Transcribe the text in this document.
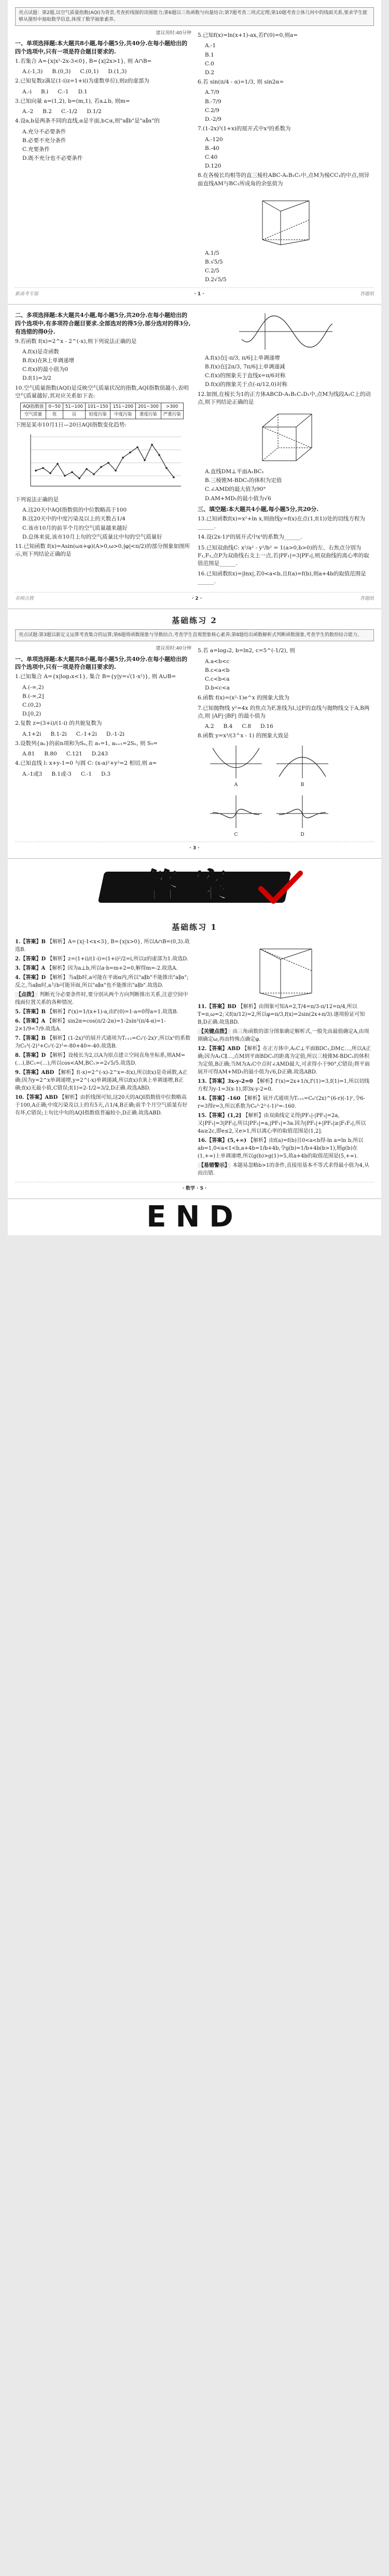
亮点试题：第2题,以空气质量指数(AQI)为背景,考查折线图的读图能力;第6题以三角函数与向量结合;第7题考查二项式定理;第10题考查立体几何中的线面关系,要求学生能够从图形中抽取数学信息,体现了数学抽象素养。
建议用时:40分钟
一、单项选择题:本大题共8小题,每小题5分,共40分.在每小题给出的四个选项中,只有一项是符合题目要求的.
1.若集合 A={x|x²-2x-3<0}, B={x|2x>1}, 则 A∩B=
A.(-1,3) B.(0,3) C.(0,1) D.(1,3)
2.已知复数z满足(1-i)z=1+i(i为虚数单位),则z的虚部为
A.-i B.i C.-1 D.1
3.已知向量 a=(1,2), b=(m,1), 若a⊥b, 则m=
A.-2 B.2 C.-1/2 D.1/2
4.设a,b是两条不同的直线,α是平面,b⊂α,则"a∥b"是"a∥α"的
A.充分不必要条件
B.必要不充分条件
C.充要条件
D.既不充分也不必要条件
5.已知f(x)=ln(x+1)-ax,若f'(0)=0,则a=
A.-1
B.1
C.0
D.2
6.若 sin(π/4 - α)=1/3, 则 sin2α=
A.7/9
B.-7/9
C.2/9
D.-2/9
7.(1-2x)⁵(1+x)的展开式中x³的系数为
A.-120
B.-40
C.40
D.120
8.在各棱长均相等的直三棱柱ABC-A₁B₁C₁中,点M为棱CC₁的中点,则异面直线AM与BC₁所成角的余弦值为
A.1/5
B.√5/5
C.2/5
D.2√5/5
新高考专版	· 1 ·	答题纸
二、多项选择题:本大题共4小题,每小题5分,共20分.在每小题给出的四个选项中,有多项符合题目要求.全部选对的得5分,部分选对的得3分,有选错的得0分.
9.若函数 f(x)=2^x - 2^(-x),则下列说法正确的是
A.f(x)是奇函数
B.f(x)在R上单调递增
C.f(x)的最小值为0
D.f(1)=3/2
10.空气质量指数(AQI)是反映空气质量状况的指数,AQI指数值越小,表明空气质量越好,其对应关系如下表:
AQI指数值	0~50	51~100	101~150	151~200	201~300	>300
空气质量	优	良	轻度污染	中度污染	重度污染	严重污染
下图是某市10月1日—20日AQI指数变化趋势:
下列说法正确的是
A.这20天中AQI指数值的中位数略高于100
B.这20天中的中度污染及以上的天数占1/4
C.该市10月的前半个月的空气质量越来越好
D.总体来说,该市10月上旬的空气质量比中旬的空气质量好
11.已知函数 f(x)=Asin(ωx+φ)(A>0,ω>0,|φ|<π/2)的部分图象如图所示,则下列结论正确的是
A.f(x)在[-π/3, π/6]上单调递增
B.f(x)在[2π/3, 7π/6]上单调递减
C.f(x)的图象关于直线x=π/6对称
D.f(x)的图象关于点(-π/12,0)对称
12.如图,在棱长为1的正方体ABCD-A₁B₁C₁D₁中,点M为线段A₁C上的动点,则下列结论正确的是
A.直线DM⊥平面A₁BC₁
B.三棱锥M-BDC₁的体积为定值
C.∠AMD的最大值为90°
D.AM+MD₁的最小值为√6
三、填空题:本大题共4小题,每小题5分,共20分.
13.已知函数f(x)=x²+ln x,则曲线y=f(x)在点(1,f(1))处的切线方程为______.
14.设(2x-1)⁶的展开式中x³的系数为______.
15.已知双曲线C: x²/a² - y²/b² = 1(a>0,b>0)的左、右焦点分别为F₁,F₂,点P为双曲线右支上一点,若|PF₁|=3|PF₂|,则双曲线的离心率的取值范围是______.
16.已知函数f(x)=|lnx|,若0<a<b,且f(a)=f(b),则a+4b的取值范围是______.
名师点拨	· 2 ·	答题纸
基础练习 2
亮点试题:第3题以新定义运算考查集合的运算;第6题将函数图象与导数结合,考查学生直观想象核心素养;第8题给出函数解析式判断函数图象,考查学生的数形结合能力。
建议用时:40分钟
一、单项选择题:本大题共8小题,每小题5分,共40分.在每小题给出的四个选项中,只有一项是符合题目要求的.
1.已知集合 A={x|log₂x<1}, 集合 B={y|y=√(1-x²)}, 则 A∪B=
A.(-∞,2)
B.(-∞,2]
C.(0,2)
D.[0,2)
2.复数 z=(3+i)/(1-i) 的共轭复数为
A.1+2i B.1-2i C.-1+2i D.-1-2i
3.设数列{aₙ}的前n项和为Sₙ,若 a₁=1, aₙ₊₁=2Sₙ, 则 S₅=
A.81 B.80 C.121 D.243
4.已知直线 l: x+y-1=0 与圆 C: (x-a)²+y²=2 相切,则 a=
A.-1或3 B.1或-3 C.-1 D.3
5.若 a=log₃2, b=ln2, c=5^(-1/2), 则
A.a<b<c
B.c<a<b
C.c<b<a
D.b<c<a
6.函数 f(x)=(x²-1)e^x 的图象大致为
7.已知抛物线 y²=4x 的焦点为F,准线为l,过F的直线与抛物线交于A,B两点,则 |AF|·|BF| 的最小值为
A.2 B.4 C.8 D.16
8.函数 y=x³/(3^x - 1) 的图象大致是
A	B
C	D
· 3 ·
答案
基础练习 1
1.【答案】B 【解析】A={x|-1<x<3}, B={x|x>0}, 所以A∩B=(0,3).故选B.
2.【答案】D 【解析】z=(1+i)/(1-i)=(1+i)²/2=i,所以z的虚部为1.故选D.
3.【答案】A 【解析】因为a⊥b,所以a·b=m+2=0,解得m=-2.故选A.
4.【答案】D 【解析】当a∥b时,a可能在平面α内,所以"a∥b"不能推出"a∥α";反之,当a∥α时,a与b可能异面,所以"a∥α"也不能推出"a∥b".故选D.
【点拨】 判断充分必要条件时,要分别从两个方向判断推出关系,注意空间中线面位置关系的各种情况.
5.【答案】B 【解析】f'(x)=1/(x+1)-a,由f'(0)=1-a=0得a=1.故选B.
6.【答案】A 【解析】sin2α=cos(π/2-2α)=1-2sin²(π/4-α)=1-2×1/9=7/9.故选A.
7.【答案】B 【解析】(1-2x)⁵的展开式通项为Tᵣ₊₁=C₅ʳ(-2x)ʳ,所以x³的系数为C₅³(-2)³+C₅²(-2)²=-80+40=-40.故选B.
8.【答案】D 【解析】设棱长为2,以A为原点建立空间直角坐标系,则AM=(…),BC₁=(…),所以cos<AM,BC₁>=2√5/5.故选D.
9.【答案】ABD 【解析】f(-x)=2^(-x)-2^x=-f(x),所以f(x)是奇函数,A正确;因为y=2^x单调递增,y=2^(-x)单调递减,所以f(x)在R上单调递增,B正确;f(x)无最小值,C错误;f(1)=2-1/2=3/2,D正确.故选ABD.
10.【答案】ABD 【解析】由折线图可知,这20天的AQI指数值中位数略高于100,A正确;中度污染及以上的有5天,占1/4,B正确;前半个月空气质量有好有坏,C错误;上旬比中旬的AQI指数值普遍较小,D正确.故选ABD.
11.【答案】BD 【解析】由图象可知A=2,T/4=π/3-π/12=π/4,所以T=π,ω=2;又f(π/12)=2,所以φ=π/3,f(x)=2sin(2x+π/3).逐项验证可知B,D正确.故选BD.
【关键点拨】 由三角函数的部分图象确定解析式,一般先由最值确定A,由周期确定ω,再由特殊点确定φ.
12.【答案】ABD 【解析】在正方体中,A₁C⊥平面BDC₁,DM⊂…,所以A正确;因为A₁C∥…,点M到平面BDC₁的距离为定值,所以三棱锥M-BDC₁的体积为定值,B正确;当M为A₁C中点时∠AMD最大,可求得小于90°,C错误;将平面展开可得AM+MD₁的最小值为√6,D正确.故选ABD.
13.【答案】3x-y-2=0 【解析】f'(x)=2x+1/x,f'(1)=3,f(1)=1,所以切线方程为y-1=3(x-1),即3x-y-2=0.
14.【答案】-160 【解析】展开式通项为Tᵣ₊₁=C₆ʳ(2x)^(6-r)(-1)ʳ,令6-r=3得r=3,所以系数为C₆³·2³·(-1)³=-160.
15.【答案】(1,2] 【解析】由双曲线定义得|PF₁|-|PF₂|=2a,又|PF₁|=3|PF₂|,所以|PF₂|=a,|PF₁|=3a.因为|PF₁|+|PF₂|≥|F₁F₂|,所以4a≥2c,即e≤2,又e>1,所以离心率的取值范围是(1,2].
16.【答案】(5,+∞) 【解析】由f(a)=f(b)且0<a<b得-ln a=ln b,所以ab=1,0<a<1<b,a+4b=1/b+4b,令g(b)=1/b+4b(b>1),则g(b)在(1,+∞)上单调递增,所以g(b)>g(1)=5,故a+4b的取值范围是(5,+∞).
【易错警示】 本题易忽略b>1的条件,直接用基本不等式求得最小值为4,从而出错.
· 数学 · 5 ·
END
